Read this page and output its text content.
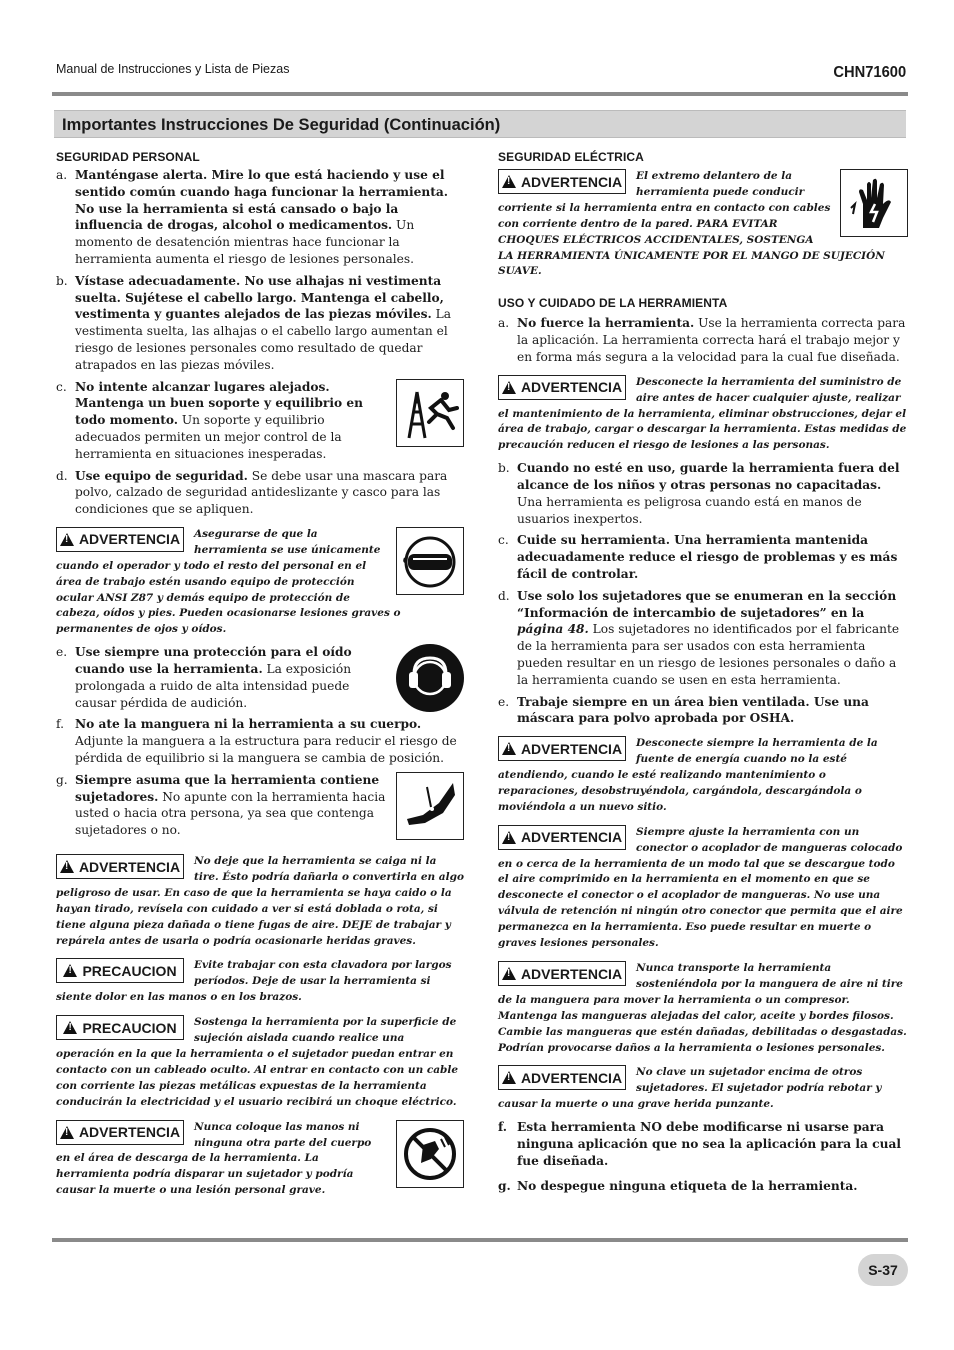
Manual de Instrucciones y Lista de Piezas	CHN71600
Importantes Instrucciones De Seguridad (Continuación)
SEGURIDAD PERSONAL
a. Manténgase alerta. Mire lo que está haciendo y use el sentido común cuando haga funcionar la herramienta. No use la herramienta si está cansado o bajo la influencia de drogas, alcohol o medicamentos. Un momento de desatención mientras hace funcionar la herramienta aumenta el riesgo de lesiones personales.
b. Vístase adecuadamente. No use alhajas ni vestimenta suelta. Sujétese el cabello largo. Mantenga el cabello, vestimenta y guantes alejados de las piezas móviles. La vestimenta suelta, las alhajas o el cabello largo aumentan el riesgo de lesiones personales como resultado de quedar atrapados en las piezas móviles.
c. No intente alcanzar lugares alejados. Mantenga un buen soporte y equilibrio en todo momento. Un soporte y equilibrio adecuados permiten un mejor control de la herramienta en situaciones inesperadas.
d. Use equipo de seguridad. Se debe usar una mascara para polvo, calzado de seguridad antideslizante y casco para las condiciones que se apliquen.
!
ADVERTENCIA Asegurarse de que la herramienta se use únicamente cuando el operador y todo el resto del personal en el área de trabajo estén usando equipo de protección ocular ANSI Z87 y demás equipo de protección de cabeza, oídos y pies. Pueden ocasionarse lesiones graves o permanentes de ojos y oídos.
e. Use siempre una protección para el oído cuando use la herramienta. La exposición prolongada a ruido de alta intensidad puede causar pérdida de audición.
f. No ate la manguera ni la herramienta a su cuerpo. Adjunte la manguera a la estructura para reducir el riesgo de pérdida de equilibrio si la manguera se cambia de posición.
g. Siempre asuma que la herramienta contiene sujetadores. No apunte con la herramienta hacia usted o hacia otra persona, ya sea que contenga sujetadores o no.
!
ADVERTENCIA No deje que la herramienta se caiga ni la tire. Ésto podría dañarla o convertirla en algo peligroso de usar. En caso de que la herramienta se haya caido o la hayan tirado, revísela con cuidado a ver si está doblada o rota, si tiene alguna pieza dañada o tiene fugas de aire. DEJE de trabajar y repárela antes de usarla o podría ocasionarle heridas graves.
!
PRECAUCION Evite trabajar con esta clavadora por largos períodos. Deje de usar la herramienta si siente dolor en las manos o en los brazos.
!
PRECAUCION Sostenga la herramienta por la superficie de sujeción aislada cuando realice una operación en la que la herramienta o el sujetador puedan entrar en contacto con un cableado oculto. Al entrar en contacto con un cable con corriente las piezas metálicas expuestas de la herramienta conducirán la electricidad y el usuario recibirá un choque eléctrico.
!
ADVERTENCIA Nunca coloque las manos ni ninguna otra parte del cuerpo en el área de descarga de la herramienta. La herramienta podría disparar un sujetador y podría causar la muerte o una lesión personal grave.
SEGURIDAD ELÉCTRICA
!
ADVERTENCIA El extremo delantero de la herramienta puede conducir corriente si la herramienta entra en contacto con cables con corriente dentro de la pared. PARA EVITAR CHOQUES ELÉCTRICOS ACCIDENTALES, SOSTENGA LA HERRAMIENTA ÚNICAMENTE POR EL MANGO DE SUJECIÓN SUAVE.
USO Y CUIDADO DE LA HERRAMIENTA
a. No fuerce la herramienta. Use la herramienta correcta para la aplicación. La herramienta correcta hará el trabajo mejor y en forma más segura a la velocidad para la cual fue diseñada.
!
ADVERTENCIA Desconecte la herramienta del suministro de aire antes de hacer cualquier ajuste, realizar el mantenimiento de la herramienta, eliminar obstrucciones, dejar el área de trabajo, cargar o descargar la herramienta. Estas medidas de precaución reducen el riesgo de lesiones a las personas.
b. Cuando no esté en uso, guarde la herramienta fuera del alcance de los niños y otras personas no capacitadas. Una herramienta es peligrosa cuando está en manos de usuarios inexpertos.
c. Cuide su herramienta. Una herramienta mantenida adecuadamente reduce el riesgo de problemas y es más fácil de controlar.
d. Use solo los sujetadores que se enumeran en la sección “Información de intercambio de sujetadores” en la página 48. Los sujetadores no identificados por el fabricante de la herramienta para ser usados con esta herramienta pueden resultar en un riesgo de lesiones personales o daño a la herramienta cuando se usen en esta herramienta.
e. Trabaje siempre en un área bien ventilada. Use una máscara para polvo aprobada por OSHA.
!
ADVERTENCIA Desconecte siempre la herramienta de la fuente de energía cuando no la esté atendiendo, cuando le esté realizando mantenimiento o reparaciones, desobstruyéndola, cargándola, descargándola o moviéndola a un nuevo sitio.
!
ADVERTENCIA Siempre ajuste la herramienta con un conector o acoplador de mangueras colocado en o cerca de la herramienta de un modo tal que se descargue todo el aire comprimido en la herramienta en el momento en que se desconecte el conector o el acoplador de mangueras. No use una válvula de retención ni ningún otro conector que permita que el aire permanezca en la herramienta. Eso puede resultar en muerte o graves lesiones personales.
!
ADVERTENCIA Nunca transporte la herramienta sosteniéndola por la manguera de aire ni tire de la manguera para mover la herramienta o un compresor. Mantenga las mangueras alejadas del calor, aceite y bordes filosos. Cambie las mangueras que estén dañadas, debilitadas o desgastadas. Podrían provocarse daños a la herramienta o lesiones personales.
!
ADVERTENCIA No clave un sujetador encima de otros sujetadores. El sujetador podría rebotar y causar la muerte o una grave herida punzante.
f. Esta herramienta NO debe modificarse ni usarse para ninguna aplicación que no sea la aplicación para la cual fue diseñada.
g. No despegue ninguna etiqueta de la herramienta.
S-37
